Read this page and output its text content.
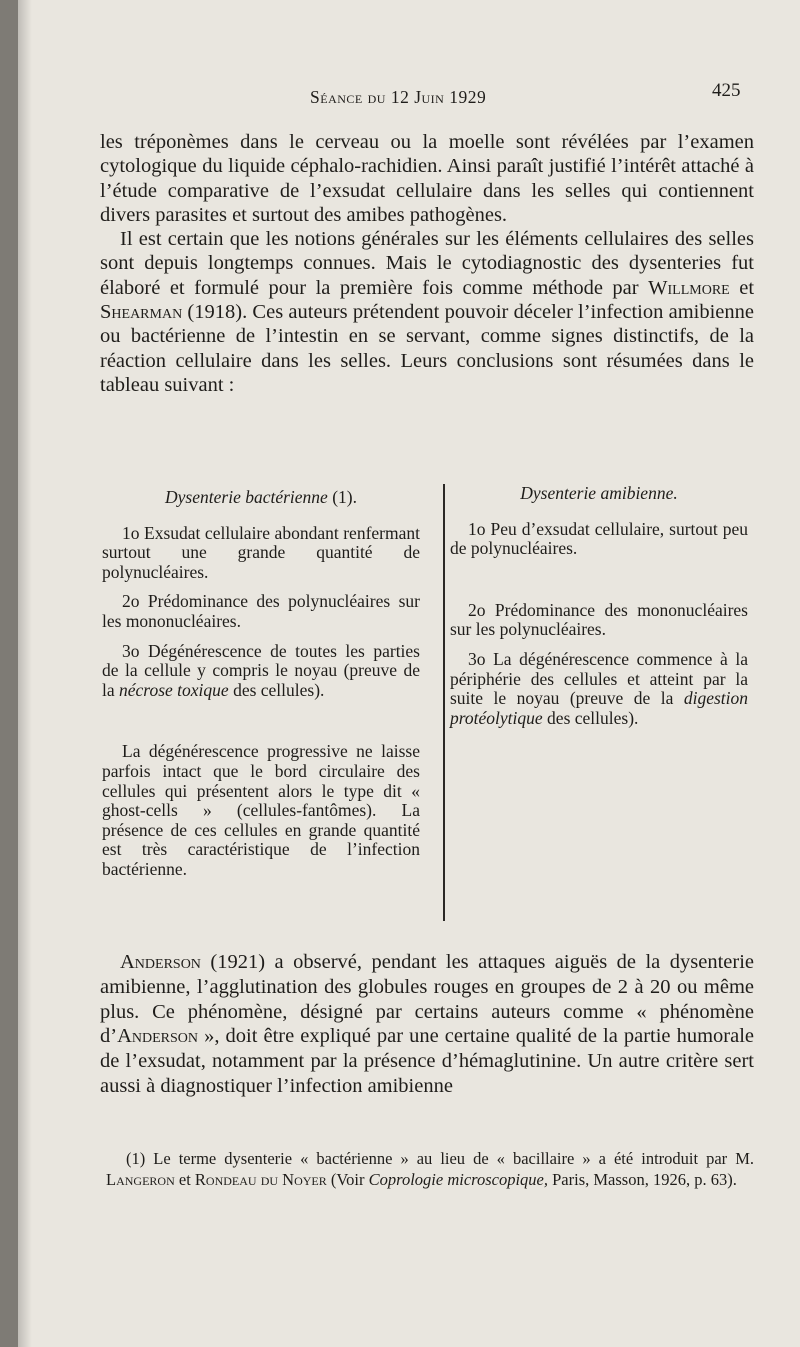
Séance du 12 Juin 1929	425

les tréponèmes dans le cerveau ou la moelle sont révélées par l’examen cytologique du liquide céphalo-rachidien. Ainsi paraît justifié l’intérêt attaché à l’étude comparative de l’exsudat cellulaire dans les selles qui contiennent divers parasites et surtout des amibes pathogènes.

Il est certain que les notions générales sur les éléments cellulaires des selles sont depuis longtemps connues. Mais le cytodiagnostic des dysenteries fut élaboré et formulé pour la première fois comme méthode par Willmore et Shearman (1918). Ces auteurs prétendent pouvoir déceler l’infection amibienne ou bactérienne de l’intestin en se servant, comme signes distinctifs, de la réaction cellulaire dans les selles. Leurs conclusions sont résumées dans le tableau suivant :

Dysenterie bactérienne (1).

1o Exsudat cellulaire abondant renfermant surtout une grande quantité de polynucléaires.

2o Prédominance des polynucléaires sur les mononucléaires.

3o Dégénérescence de toutes les parties de la cellule y compris le noyau (preuve de la nécrose toxique des cellules).

La dégénérescence progressive ne laisse parfois intact que le bord circulaire des cellules qui présentent alors le type dit « ghost-cells » (cellules-fantômes). La présence de ces cellules en grande quantité est très caractéristique de l’infection bactérienne.

Dysenterie amibienne.

1o Peu d’exsudat cellulaire, surtout peu de polynucléaires.

2o Prédominance des mononucléaires sur les polynucléaires.

3o La dégénérescence commence à la périphérie des cellules et atteint par la suite le noyau (preuve de la digestion protéolytique des cellules).

Anderson (1921) a observé, pendant les attaques aiguës de la dysenterie amibienne, l’agglutination des globules rouges en groupes de 2 à 20 ou même plus. Ce phénomène, désigné par certains auteurs comme « phénomène d’Anderson », doit être expliqué par une certaine qualité de la partie humorale de l’exsudat, notamment par la présence d’hémaglutinine. Un autre critère sert aussi à diagnostiquer l’infection amibienne

(1) Le terme dysenterie « bactérienne » au lieu de « bacillaire » a été introduit par M. Langeron et Rondeau du Noyer (Voir Coprologie microscopique, Paris, Masson, 1926, p. 63).
